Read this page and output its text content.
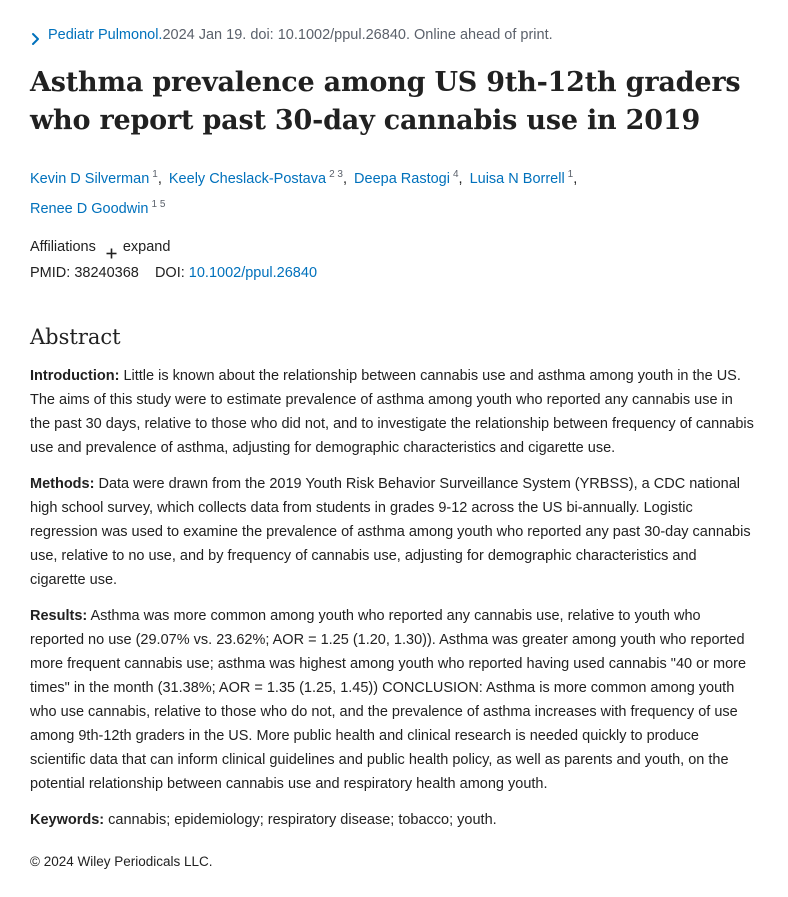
Pediatr Pulmonol. 2024 Jan 19. doi: 10.1002/ppul.26840. Online ahead of print.
Asthma prevalence among US 9th-12th graders who report past 30-day cannabis use in 2019
Kevin D Silverman $^1$, Keely Cheslack-Postava $^{2 3}$, Deepa Rastogi $^4$, Luisa N Borrell $^1$,
Renee D Goodwin $^{1 5}$
Affiliations expand
PMID: 38240368 DOI: 10.1002/ppul.26840
Abstract

Introduction: Little is known about the relationship between cannabis use and asthma among youth in the US. The aims of this study were to estimate prevalence of asthma among youth who reported any cannabis use in the past 30 days, relative to those who did not, and to investigate the relationship between frequency of cannabis use and prevalence of asthma, adjusting for demographic characteristics and cigarette use.

Methods: Data were drawn from the 2019 Youth Risk Behavior Surveillance System (YRBSS), a CDC national high school survey, which collects data from students in grades 9-12 across the US bi-annually. Logistic regression was used to examine the prevalence of asthma among youth who reported any past 30-day cannabis use, relative to no use, and by frequency of cannabis use, adjusting for demographic characteristics and cigarette use.

Results: Asthma was more common among youth who reported any cannabis use, relative to youth who reported no use (29.07% vs. 23.62%; AOR = 1.25 (1.20, 1.30)). Asthma was greater among youth who reported more frequent cannabis use; asthma was highest among youth who reported having used cannabis "40 or more times" in the month (31.38%; AOR = 1.35 (1.25, 1.45)) CONCLUSION: Asthma is more common among youth who use cannabis, relative to those who do not, and the prevalence of asthma increases with frequency of use among 9th-12th graders in the US. More public health and clinical research is needed quickly to produce scientific data that can inform clinical guidelines and public health policy, as well as parents and youth, on the potential relationship between cannabis use and respiratory health among youth.

Keywords: cannabis; epidemiology; respiratory disease; tobacco; youth.

© 2024 Wiley Periodicals LLC.
